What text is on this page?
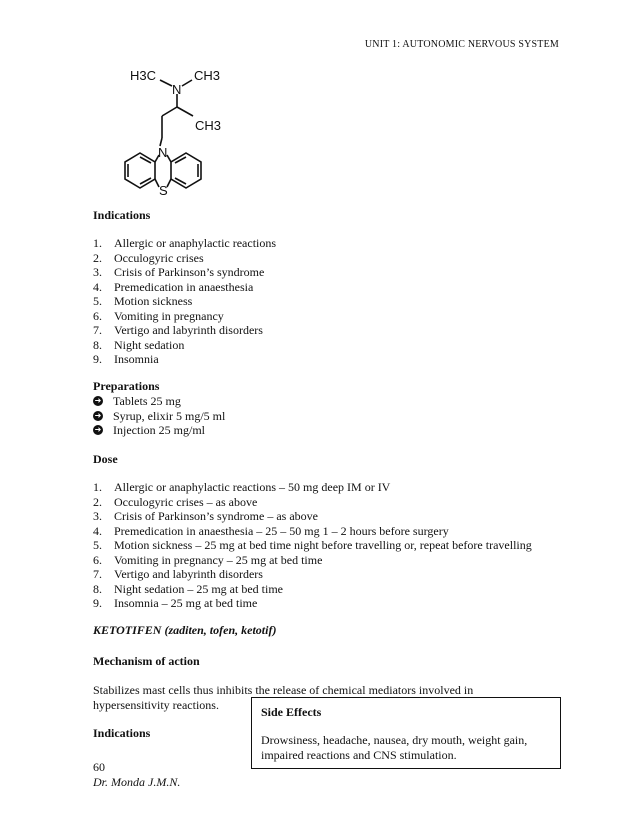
UNIT 1: AUTONOMIC NERVOUS SYSTEM
H3C
N
CH3
CH3
N
S
Indications
1.	Allergic or anaphylactic reactions
2.	Occulogyric crises
3.	Crisis of Parkinson’s syndrome
4.	Premedication in anaesthesia
5.	Motion sickness
6.	Vomiting in pregnancy
7.	Vertigo and labyrinth disorders
8.	Night sedation
9.	Insomnia
Preparations
➜ Tablets 25 mg
➜ Syrup, elixir 5 mg/5 ml
➜ Injection 25 mg/ml
Dose
1.	Allergic or anaphylactic reactions – 50 mg deep IM or IV
2.	Occulogyric crises – as above
3.	Crisis of Parkinson’s syndrome – as above
4.	Premedication in anaesthesia – 25 – 50 mg 1 – 2 hours before surgery
5.	Motion sickness – 25 mg at bed time night before travelling or, repeat before travelling
6.	Vomiting in pregnancy – 25 mg at bed time
7.	Vertigo and labyrinth disorders
8.	Night sedation – 25 mg at bed time
9.	Insomnia – 25 mg at bed time
KETOTIFEN (zaditen, tofen, ketotif)
Mechanism of action
Stabilizes mast cells thus inhibits the release of chemical mediators involved in
hypersensitivity reactions.
Indications
Side Effects
Drowsiness, headache, nausea, dry mouth, weight gain, impaired reactions and CNS stimulation.
60
Dr. Monda J.M.N.
